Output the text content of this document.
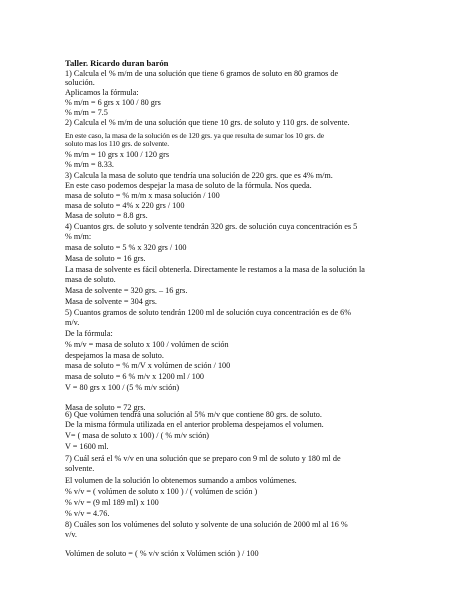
Taller. Ricardo duran barón
1) Calcula el % m/m de una solución que tiene 6 gramos de soluto en 80 gramos de
solución.
Aplicamos la fórmula:
% m/m = 6 grs x 100 / 80 grs
% m/m = 7.5
2) Calcula el % m/m de una solución que tiene 10 grs. de soluto y 110 grs. de solvente.
En este caso, la masa de la solución es de 120 grs. ya que resulta de sumar los 10 grs. de
soluto mas los 110 grs. de solvente.
% m/m = 10 grs x 100 / 120 grs
% m/m = 8.33.
3) Calcula la masa de soluto que tendría una solución de 220 grs. que es 4% m/m.
En este caso podemos despejar la masa de soluto de la fórmula. Nos queda.
masa de soluto = % m/m x masa solución / 100
masa de soluto = 4% x 220 grs / 100
Masa de soluto = 8.8 grs.
4) Cuantos grs. de soluto y solvente tendrán 320 grs. de solución cuya concentración es 5
% m/m:
masa de soluto = 5 % x 320 grs / 100
Masa de soluto = 16 grs.
La masa de solvente es fácil obtenerla. Directamente le restamos a la masa de la solución la
masa de soluto.
Masa de solvente = 320 grs. – 16 grs.
Masa de solvente = 304 grs.
5) Cuantos gramos de soluto tendrán 1200 ml de solución cuya concentración es de 6%
m/v.
De la fórmula:
% m/v = masa de soluto x 100 / volúmen de sción
despejamos la masa de soluto.
masa de soluto = % m/V x volúmen de sción / 100
masa de soluto = 6 % m/v x 1200 ml / 100
V = 80 grs x 100 / (5 % m/v sción)
Masa de soluto = 72 grs.
6) Que volúmen tendrá una solución al 5% m/v que contiene 80 grs. de soluto.
De la misma fórmula utilizada en el anterior problema despejamos el volumen.
V= ( masa de soluto x 100) / ( % m/v sción)
V = 1600 ml.
7) Cuál será el % v/v en una solución que se preparo con 9 ml de soluto y 180 ml de
solvente.
El volumen de la solución lo obtenemos sumando a ambos volúmenes.
% v/v = ( volúmen de soluto x 100 ) / ( volúmen de sción )
% v/v = (9 ml 189 ml) x 100
% v/v = 4.76.
8) Cuáles son los volúmenes del soluto y solvente de una solución de 2000 ml al 16 %
v/v.
Volúmen de soluto = ( % v/v sción x Volúmen sción ) / 100
